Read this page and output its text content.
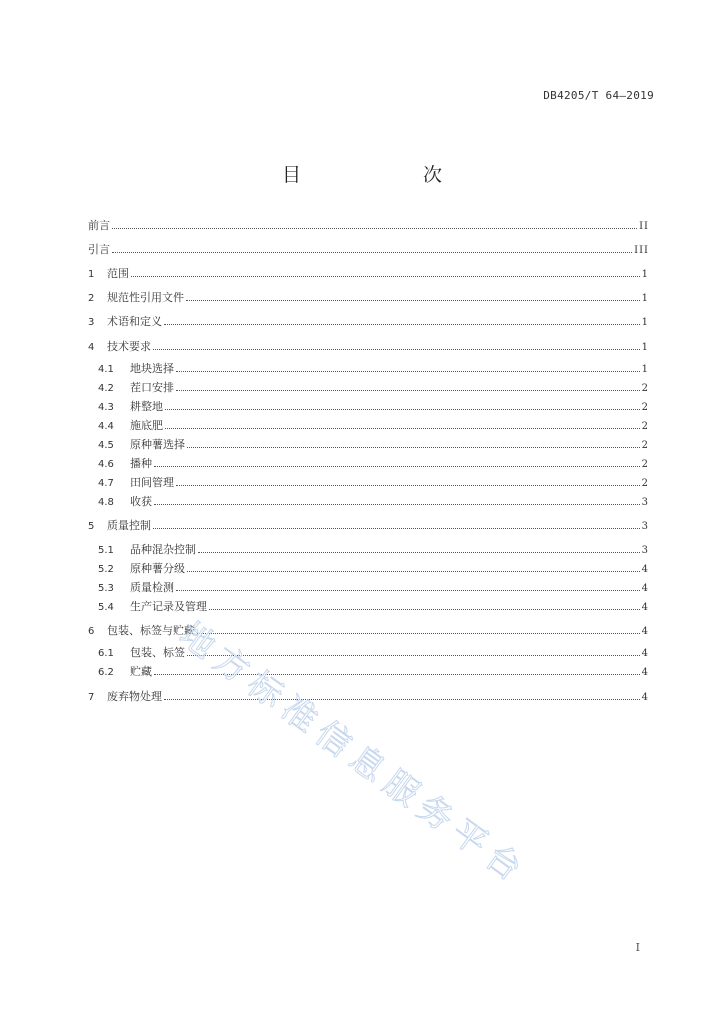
DB4205/T 64—2019
目　　次
前言	II
引言	III
1	范围	1
2	规范性引用文件	1
3	术语和定义	1
4	技术要求	1
4.1	地块选择	1
4.2	茬口安排	2
4.3	耕整地	2
4.4	施底肥	2
4.5	原种薯选择	2
4.6	播种	2
4.7	田间管理	2
4.8	收获	3
5	质量控制	3
5.1	品种混杂控制	3
5.2	原种薯分级	4
5.3	质量检测	4
5.4	生产记录及管理	4
6	包装、标签与贮藏	4
6.1	包装、标签	4
6.2	贮藏	4
7	废弃物处理	4
地方标准信息服务平台
I
